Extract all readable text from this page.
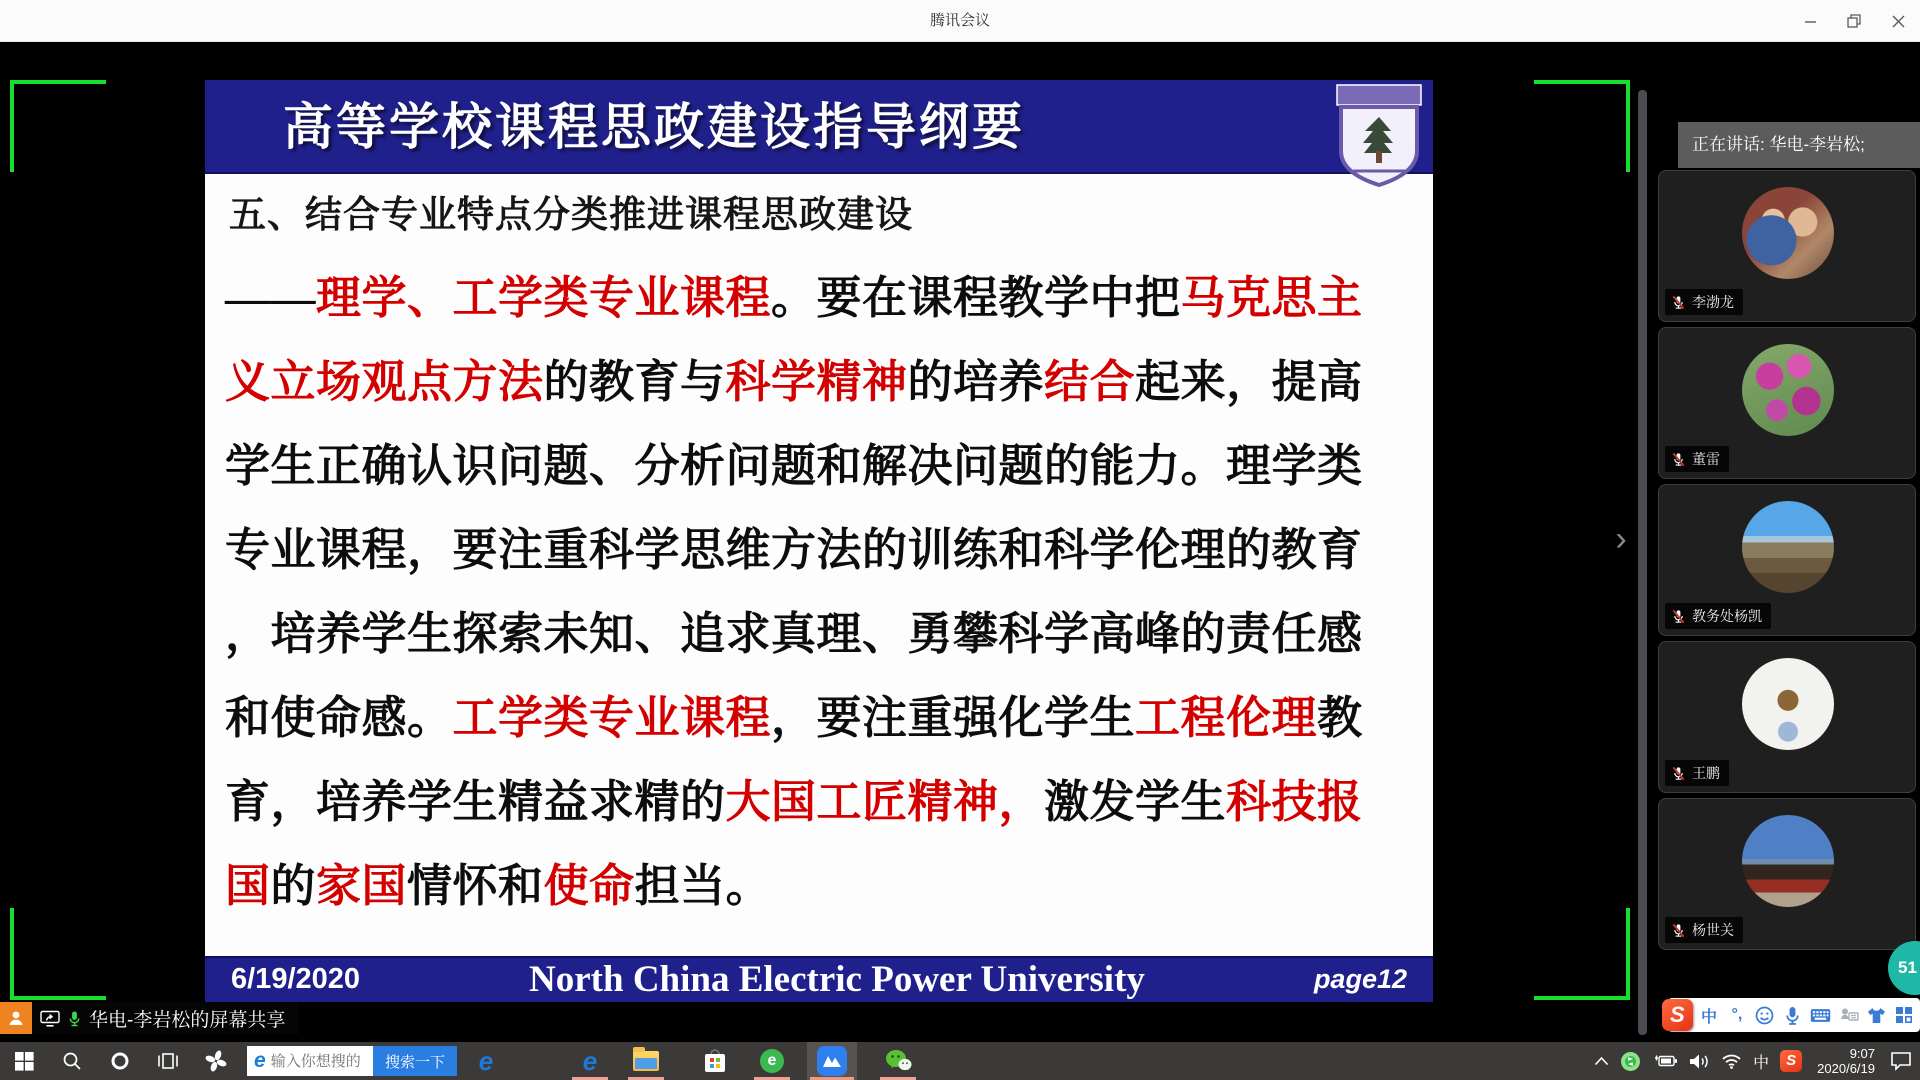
腾讯会议
高等学校课程思政建设指导纲要
五、结合专业特点分类推进课程思政建设
——理学、工学类专业课程。要在课程教学中把马克思主
义立场观点方法的教育与科学精神的培养结合起来，提高
学生正确认识问题、分析问题和解决问题的能力。理学类
专业课程，要注重科学思维方法的训练和科学伦理的教育
，培养学生探索未知、追求真理、勇攀科学高峰的责任感
和使命感。工学类专业课程，要注重强化学生工程伦理教
育，培养学生精益求精的大国工匠精神，激发学生科技报
国的家国情怀和使命担当。
6/19/2020	North China Electric Power University	page12
›
正在讲话: 华电-李岩松;
李渤龙
董雷
教务处杨凯
王鹏
杨世关
51
华电-李岩松的屏幕共享	S	中 °,
e
输入你想搜的	搜索一下	e	e	e	中	S	9:07
2020/6/19
